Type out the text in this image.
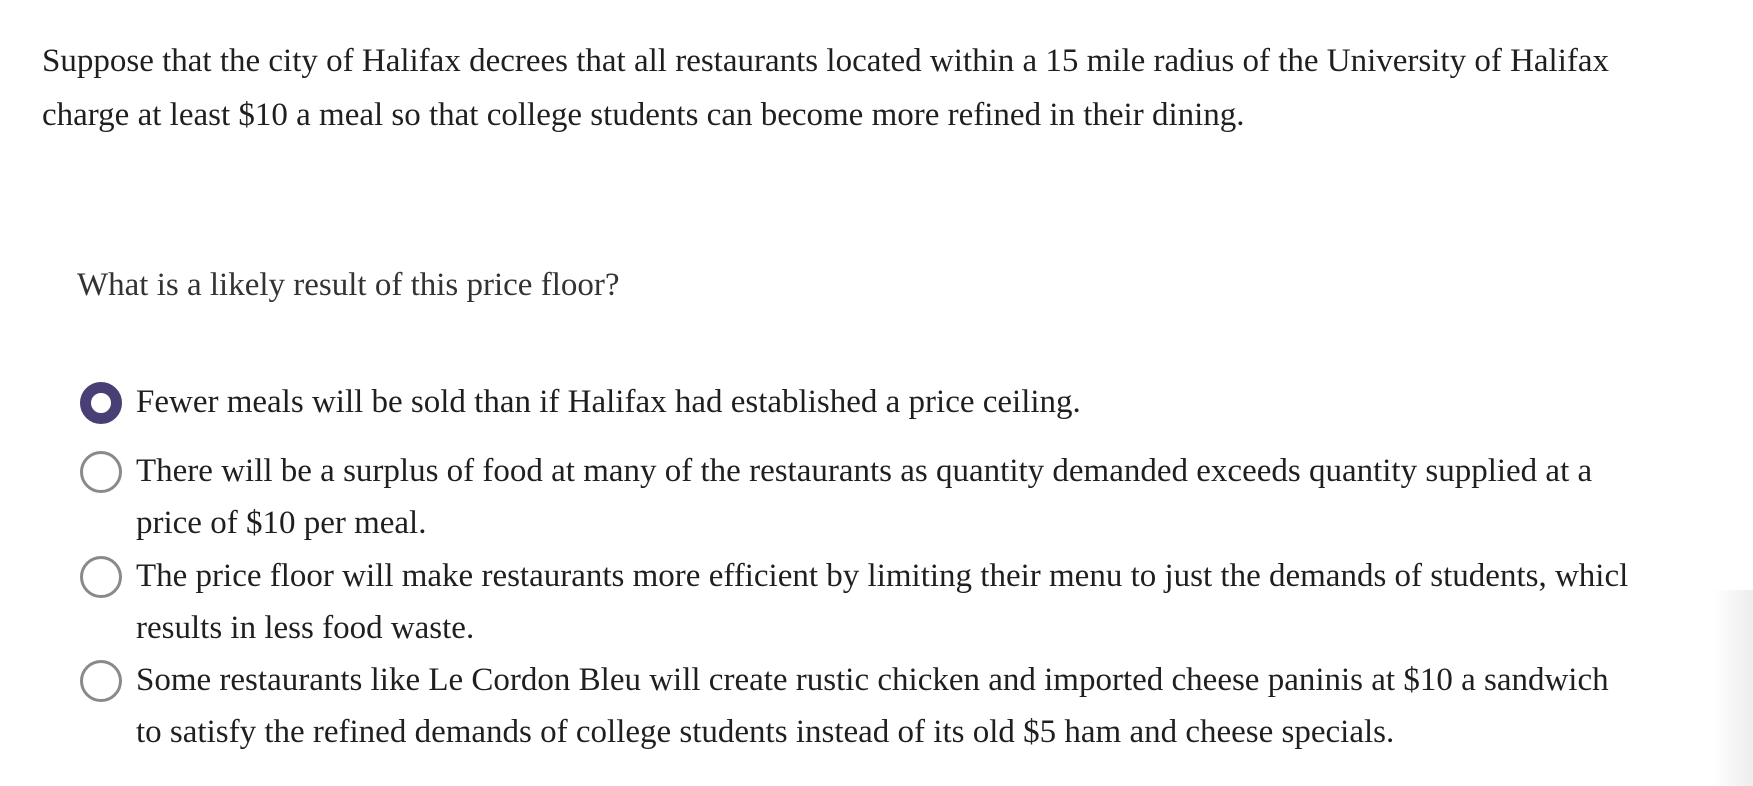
Suppose that the city of Halifax decrees that all restaurants located within a 15 mile radius of the University of Halifax
charge at least $10 a meal so that college students can become more refined in their dining.
What is a likely result of this price floor?
Fewer meals will be sold than if Halifax had established a price ceiling.
There will be a surplus of food at many of the restaurants as quantity demanded exceeds quantity supplied at a
price of $10 per meal.
The price floor will make restaurants more efficient by limiting their menu to just the demands of students, whicl
results in less food waste.
Some restaurants like Le Cordon Bleu will create rustic chicken and imported cheese paninis at $10 a sandwich
to satisfy the refined demands of college students instead of its old $5 ham and cheese specials.
